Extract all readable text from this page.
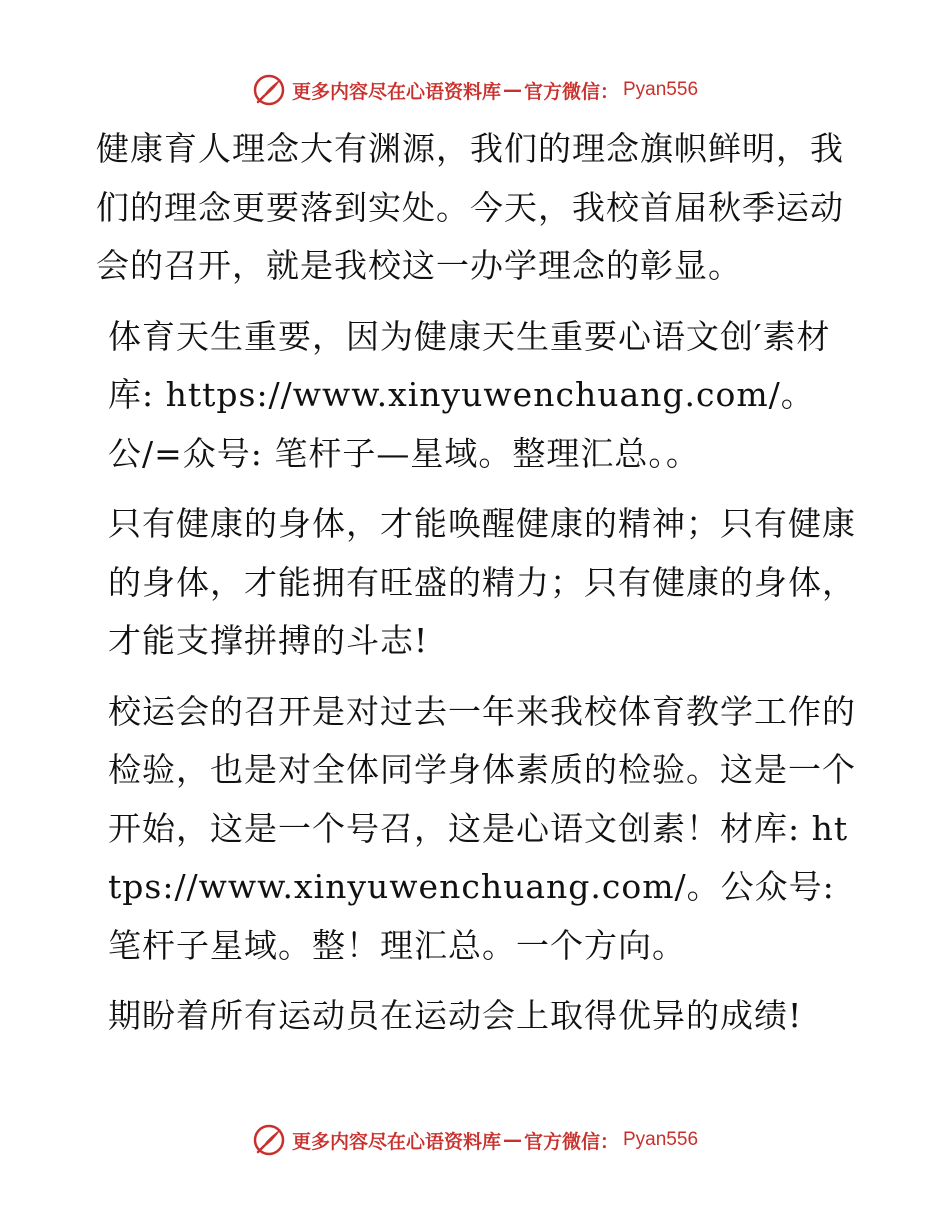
更多内容尽在心语资料库 — 官方微信： Pyan556

健康育人理念大有渊源，我们的理念旗帜鲜明，我们的理念更要落到实处。今天，我校首届秋季运动会的召开，就是我校这一办学理念的彰显。

体育天生重要，因为健康天生重要心语文创′素材库: https://www.xinyuwenchuang.com/。公/=众号: 笔杆子—星域。整理汇总。。

只有健康的身体，才能唤醒健康的精神；只有健康的身体，才能拥有旺盛的精力；只有健康的身体，才能支撑拼搏的斗志!

校运会的召开是对过去一年来我校体育教学工作的检验，也是对全体同学身体素质的检验。这是一个开始，这是一个号召，这是心语文创素！材库: https://www.xinyuwenchuang.com/。公众号: 笔杆子星域。整！理汇总。一个方向。

期盼着所有运动员在运动会上取得优异的成绩!

更多内容尽在心语资料库 — 官方微信： Pyan556
